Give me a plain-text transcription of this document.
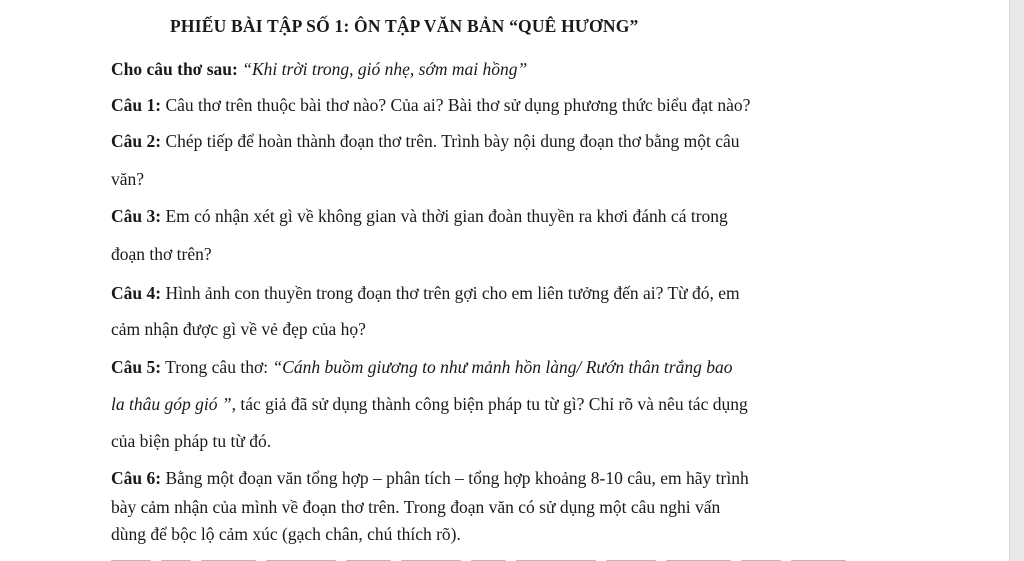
PHIẾU BÀI TẬP SỐ 1: ÔN TẬP VĂN BẢN “QUÊ HƯƠNG”
Cho câu thơ sau: “Khi trời trong, gió nhẹ, sớm mai hồng”
Câu 1: Câu thơ trên thuộc bài thơ nào? Của ai? Bài thơ sử dụng phương thức biểu đạt nào?
Câu 2: Chép tiếp để hoàn thành đoạn thơ trên. Trình bày nội dung đoạn thơ bằng một câu
văn?
Câu 3: Em có nhận xét gì về không gian và thời gian đoàn thuyền ra khơi đánh cá trong
đoạn thơ trên?
Câu 4: Hình ảnh con thuyền trong đoạn thơ trên gợi cho em liên tưởng đến ai? Từ đó, em
cảm nhận được gì về vẻ đẹp của họ?
Câu 5: Trong câu thơ: “Cánh buồm giương to như mảnh hồn làng/ Rướn thân trắng bao
la thâu góp gió ”, tác giả đã sử dụng thành công biện pháp tu từ gì? Chỉ rõ và nêu tác dụng
của biện pháp tu từ đó.
Câu 6: Bằng một đoạn văn tổng hợp – phân tích – tổng hợp khoảng 8-10 câu, em hãy trình
bày cảm nhận của mình về đoạn thơ trên. Trong đoạn văn có sử dụng một câu nghi vấn
dùng để bộc lộ cảm xúc (gạch chân, chú thích rõ).
